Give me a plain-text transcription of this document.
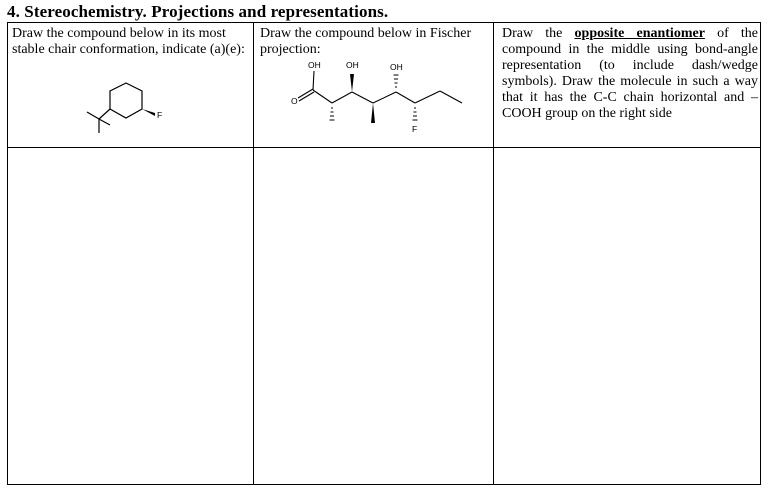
4. Stereochemistry. Projections and representations.
Draw the compound below in its most stable chair conformation, indicate (a)(e):
Draw the compound below in Fischer projection:
Draw the opposite enantiomer of the compound in the middle using bond-angle representation (to include dash/wedge symbols). Draw the molecule in such a way that it has the C-C chain horizontal and –COOH group on the right side
F
O
OH	OH	OH
F
